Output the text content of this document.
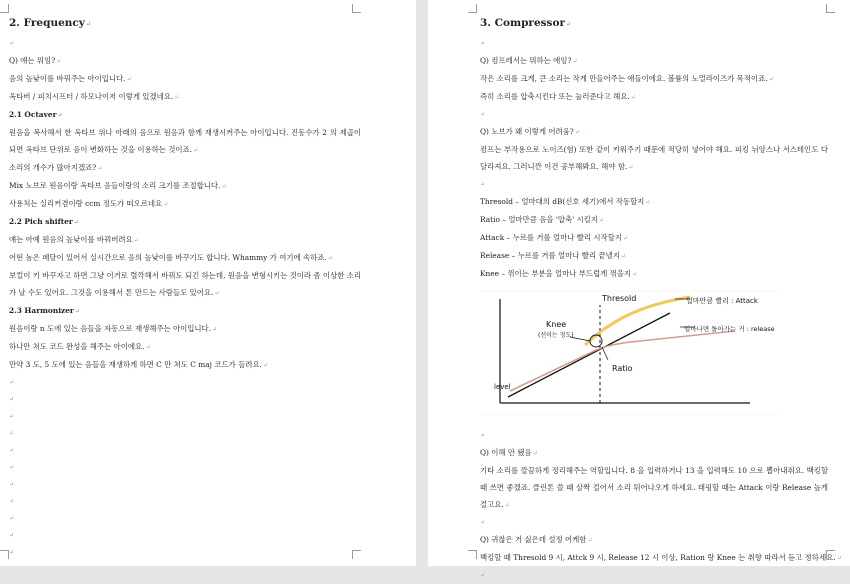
2. Frequency↵
↵
Q) 얘는 뭐임?↵
음의 높낮이를 바꿔주는 아이입니다.↵
옥타버 / 피치시프터 / 하모나이저 이렇게 있겠네요.↵
2.1 Octaver↵
원음을 복사해서 한 옥타브 위나 아래의 음으로 원음과 함께 재생시켜주는 아이입니다. 진동수가 2 의 제곱이 되면 옥타브 단위로 음이 변화하는 것을 이용하는 것이죠.↵
소리의 개수가 많아지겠죠?↵
Mix 노브로 원음이랑 옥타브 음들이랑의 소리 크기를 조절합니다.↵
사용처는 실리커겸이랑 ccm 정도가 떠오르네요↵
2.2 Pich shifter↵
얘는 아예 원음의 높낮이를 바꿔버려요↵
어떤 놈은 페달이 있어서 실시간으로 음의 높낮이를 바꾸기도 합니다. Whammy 가 여기에 속하죠.↵
보컬이 키 바꾸자고 하면 그냥 이거로 렬깍해서 바꿔도 되긴 하는데, 원음을 변형시키는 것이라 좀 이상한 소리가 날 수도 있어요. 그것을 이용해서 톤 만드는 사람들도 있어요.↵
2.3 Harmonizer↵
원음이랑 n 도에 있는 음들을 자동으로 재생해주는 아이입니다.↵
하나만 쳐도 코드 완성을 해주는 아이에요.↵
만약 3 도, 5 도에 있는 음들을 재생하게 하면 C 만 쳐도 C maj 코드가 들려요.↵
↵
↵
↵
↵
↵
↵
↵
↵
↵
↵
↵
3. Compressor↵
↵
Q) 컴프레서는 뭐하는 애임?↵
작은 소리를 크게, 큰 소리는 작게 만들어주는 애들이에요. 볼륨의 노멀라이즈가 목적이죠.↵
즉히 소리를 압축시킨다 또는 눌러준다고 해요.↵
↵
Q) 노브가 왜 이렇게 어려움?↵
컴프는 부작용으로 노이즈(험) 또한 같이 키워주기 때문에 적당히 넣어야 해요. 피킹 뉘앙스나 서스테인도 다 달라져요. 그러니깐 이건 공부해봐요. 해야 함.↵
↵
Thresold – 얼마대의 dB(신호 세기)에서 작동할지↵
Ratio – 얼마만큼 음을 '압축' 시킬지↵
Attack – 누르를 거를 얼마나 빨리 시작할지↵
Release – 누르를 거를 얼마나 빨리 끝낼지↵
Knee – 꺾이는 부분을 얼마나 부드럽게 꺾을지↵
Thresold
Knee
(선이는 정도)
Ratio
얼마만큼 빨리 : Attack
얼마나면 돌아가는 거 : release
level
↵
Q) 이해 안 됐음↵
기타 소리를 깔끔하게 정리해주는 역할입니다. 8 을 입력하거나 13 을 입력해도 10 으로 뽑아내줘요. 백킹할 때 쓰면 좋겠죠. 클린톤 쓸 때 살짝 걸어서 소리 튀어나오게 하세요. 태핑할 때는 Attack 이랑 Release 높게 걸고요.↵
↵
Q) 귀찮은 거 싫은데 설정 어케함↵
백킹할 때 Thresold 9 시, Attck 9 시, Release 12 시 이상, Ration 랑 Knee 는 취향 따라서 듣고 정하세요.↵
↵
